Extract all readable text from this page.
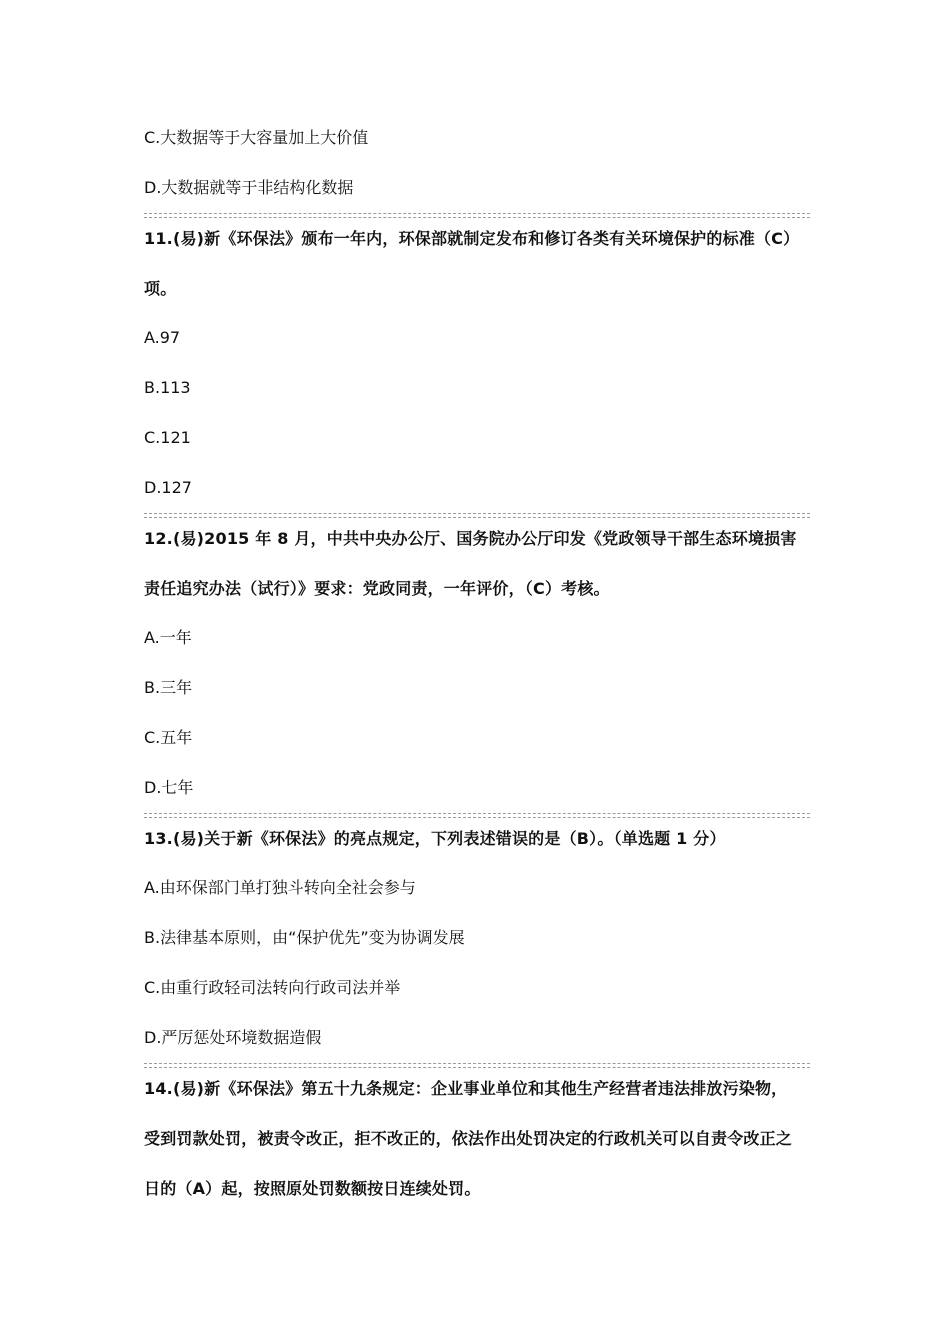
C.大数据等于大容量加上大价值
D.大数据就等于非结构化数据
11.(易)新《环保法》颁布一年内，环保部就制定发布和修订各类有关环境保护的标准（C）
项。
A.97
B.113
C.121
D.127
12.(易)2015 年 8 月，中共中央办公厅、国务院办公厅印发《党政领导干部生态环境损害
责任追究办法（试行）》要求：党政同责，一年评价，（C）考核。
A.一年
B.三年
C.五年
D.七年
13.(易)关于新《环保法》的亮点规定，下列表述错误的是（B）。（单选题 1 分）
A.由环保部门单打独斗转向全社会参与
B.法律基本原则，由“保护优先”变为协调发展
C.由重行政轻司法转向行政司法并举
D.严厉惩处环境数据造假
14.(易)新《环保法》第五十九条规定：企业事业单位和其他生产经营者违法排放污染物，
受到罚款处罚，被责令改正，拒不改正的，依法作出处罚决定的行政机关可以自责令改正之
日的（A）起，按照原处罚数额按日连续处罚。
